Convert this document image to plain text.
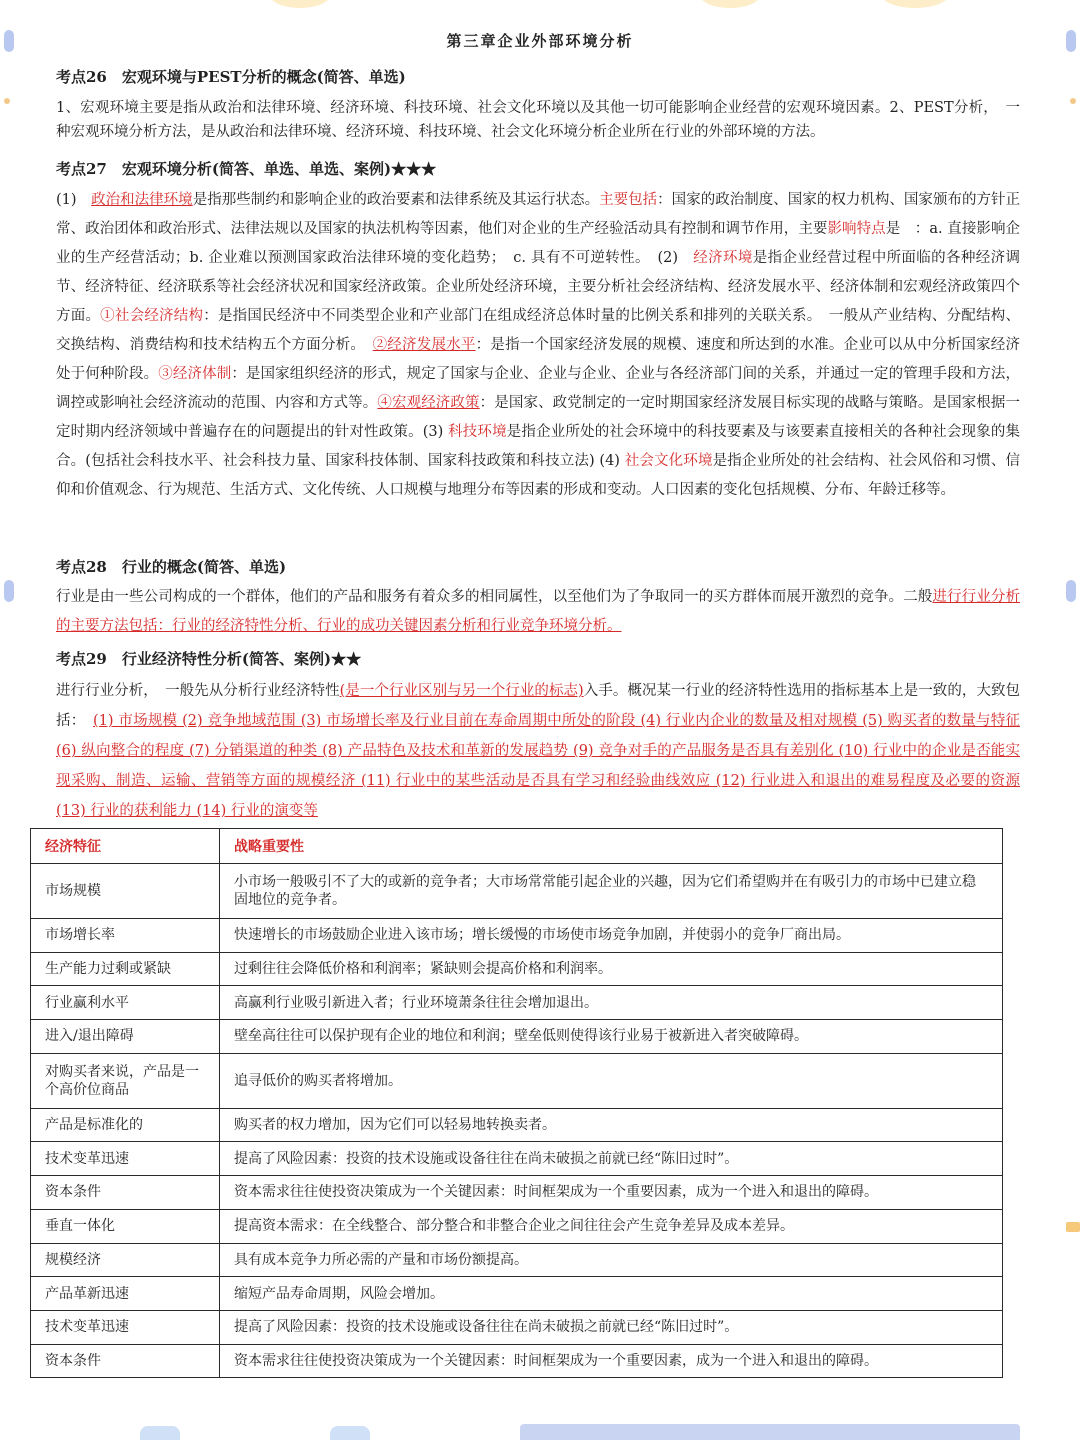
第三章企业外部环境分析
考点26　宏观环境与PEST分析的概念(简答、单选)

1、宏观环境主要是指从政治和法律环境、经济环境、科技环境、社会文化环境以及其他一切可能影响企业经营的宏观环境因素。2、PEST分析，　一种宏观环境分析方法，是从政治和法律环境、经济环境、科技环境、社会文化环境分析企业所在行业的外部环境的方法。

考点27　宏观环境分析(简答、单选、单选、案例)★★★

(1)　政治和法律环境是指那些制约和影响企业的政治要素和法律系统及其运行状态。主要包括：国家的政治制度、国家的权力机构、国家颁布的方针正常、政治团体和政治形式、法律法规以及国家的执法机构等因素，他们对企业的生产经验活动具有控制和调节作用，主要影响特点是　：a. 直接影响企业的生产经营活动；b. 企业难以预测国家政治法律环境的变化趋势；　c. 具有不可逆转性。　(2)　经济环境是指企业经营过程中所面临的各种经济调节、经济特征、经济联系等社会经济状况和国家经济政策。企业所处经济环境，主要分析社会经济结构、经济发展水平、经济体制和宏观经济政策四个方面。①社会经济结构：是指国民经济中不同类型企业和产业部门在组成经济总体时量的比例关系和排列的关联关系。　一般从产业结构、分配结构、交换结构、消费结构和技术结构五个方面分析。　②经济发展水平：是指一个国家经济发展的规模、速度和所达到的水准。企业可以从中分析国家经济处于何种阶段。③经济体制：是国家组织经济的形式，规定了国家与企业、企业与企业、企业与各经济部门间的关系，并通过一定的管理手段和方法，调控或影响社会经济流动的范围、内容和方式等。④宏观经济政策：是国家、政党制定的一定时期国家经济发展目标实现的战略与策略。是国家根据一定时期内经济领域中普遍存在的问题提出的针对性政策。(3) 科技环境是指企业所处的社会环境中的科技要素及与该要素直接相关的各种社会现象的集合。(包括社会科技水平、社会科技力量、国家科技体制、国家科技政策和科技立法) (4) 社会文化环境是指企业所处的社会结构、社会风俗和习惯、信仰和价值观念、行为规范、生活方式、文化传统、人口规模与地理分布等因素的形成和变动。人口因素的变化包括规模、分布、年龄迁移等。

考点28　行业的概念(简答、单选)

行业是由一些公司构成的一个群体，他们的产品和服务有着众多的相同属性，以至他们为了争取同一的买方群体而展开激烈的竞争。二般进行行业分析的主要方法包括：行业的经济特性分析、行业的成功关键因素分析和行业竞争环境分析。

考点29　行业经济特性分析(简答、案例)★★

进行行业分析，　一般先从分析行业经济特性(是一个行业区别与另一个行业的标志)入手。概况某一行业的经济特性选用的指标基本上是一致的，大致包括：　(1) 市场规模 (2) 竞争地域范围 (3) 市场增长率及行业目前在寿命周期中所处的阶段 (4) 行业内企业的数量及相对规模 (5) 购买者的数量与特征 (6) 纵向整合的程度 (7) 分销渠道的种类 (8) 产品特色及技术和革新的发展趋势 (9) 竞争对手的产品服务是否具有差别化 (10) 行业中的企业是否能实现采购、制造、运输、营销等方面的规模经济 (11) 行业中的某些活动是否具有学习和经验曲线效应 (12) 行业进入和退出的难易程度及必要的资源 (13) 行业的获利能力 (14) 行业的演变等

经济特征	战略重要性
市场规模	小市场一般吸引不了大的或新的竞争者；大市场常常能引起企业的兴趣，因为它们希望购并在有吸引力的市场中已建立稳固地位的竞争者。
市场增长率	快速增长的市场鼓励企业进入该市场；增长缓慢的市场使市场竞争加剧，并使弱小的竞争厂商出局。
生产能力过剩或紧缺	过剩往往会降低价格和利润率；紧缺则会提高价格和利润率。
行业赢利水平	高赢利行业吸引新进入者；行业环境萧条往往会增加退出。
进入/退出障碍	壁垒高往往可以保护现有企业的地位和利润；壁垒低则使得该行业易于被新进入者突破障碍。
对购买者来说，产品是一个高价位商品	追寻低价的购买者将增加。
产品是标准化的	购买者的权力增加，因为它们可以轻易地转换卖者。
技术变革迅速	提高了风险因素：投资的技术设施或设备往往在尚未破损之前就已经“陈旧过时”。
资本条件	资本需求往往使投资决策成为一个关键因素：时间框架成为一个重要因素，成为一个进入和退出的障碍。
垂直一体化	提高资本需求：在全线整合、部分整合和非整合企业之间往往会产生竞争差异及成本差异。
规模经济	具有成本竞争力所必需的产量和市场份额提高。
产品革新迅速	缩短产品寿命周期，风险会增加。
技术变革迅速	提高了风险因素：投资的技术设施或设备往往在尚未破损之前就已经“陈旧过时”。
资本条件	资本需求往往使投资决策成为一个关键因素：时间框架成为一个重要因素，成为一个进入和退出的障碍。
